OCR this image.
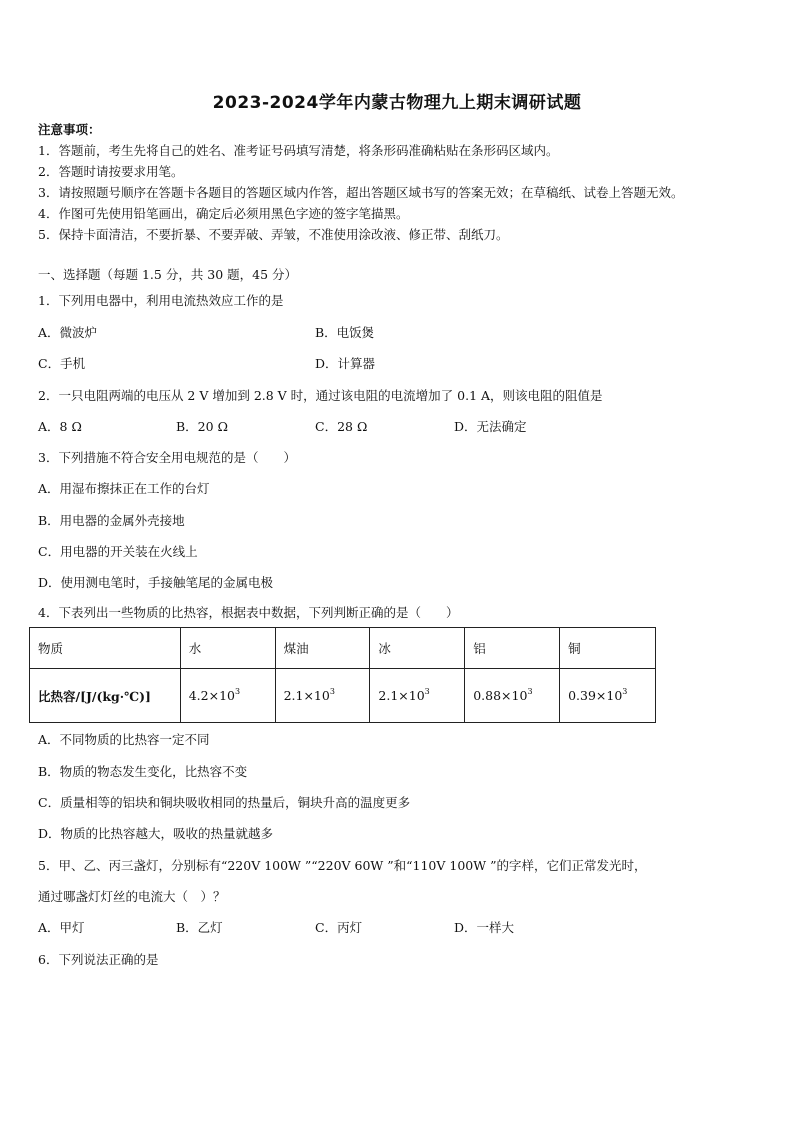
2023-2024学年内蒙古物理九上期末调研试题
注意事项：
1．答题前，考生先将自己的姓名、准考证号码填写清楚，将条形码准确粘贴在条形码区域内。
2．答题时请按要求用笔。
3．请按照题号顺序在答题卡各题目的答题区域内作答，超出答题区域书写的答案无效；在草稿纸、试卷上答题无效。
4．作图可先使用铅笔画出，确定后必须用黑色字迹的签字笔描黑。
5．保持卡面清洁，不要折暴、不要弄破、弄皱，不准使用涂改液、修正带、刮纸刀。
一、选择题（每题 1.5 分，共 30 题，45 分）
1．下列用电器中，利用电流热效应工作的是
A．微波炉	B．电饭煲
C．手机	D．计算器
2．一只电阻两端的电压从 2 V 增加到 2.8 V 时，通过该电阻的电流增加了 0.1 A，则该电阻的阻值是
A．8 Ω	B．20 Ω	C．28 Ω	D．无法确定
3．下列措施不符合安全用电规范的是（　　）
A．用湿布擦抹正在工作的台灯
B．用电器的金属外壳接地
C．用电器的开关装在火线上
D．使用测电笔时，手接触笔尾的金属电极
4．下表列出一些物质的比热容，根据表中数据，下列判断正确的是（　　）
物质	水	煤油	冰	铝	铜
比热容/[J/(kg·℃)]	$4.2\times 10^3$	$2.1\times 10^3$	$2.1\times 10^3$	$0.88\times 10^3$	$0.39\times 10^3$
A．不同物质的比热容一定不同
B．物质的物态发生变化，比热容不变
C．质量相等的铝块和铜块吸收相同的热量后，铜块升高的温度更多
D．物质的比热容越大，吸收的热量就越多
5．甲、乙、丙三盏灯，分别标有“220V 100W ”“220V 60W ”和“110V 100W ”的字样，它们正常发光时，
通过哪盏灯灯丝的电流大（　）？
A．甲灯	B．乙灯	C．丙灯	D．一样大
6．下列说法正确的是
